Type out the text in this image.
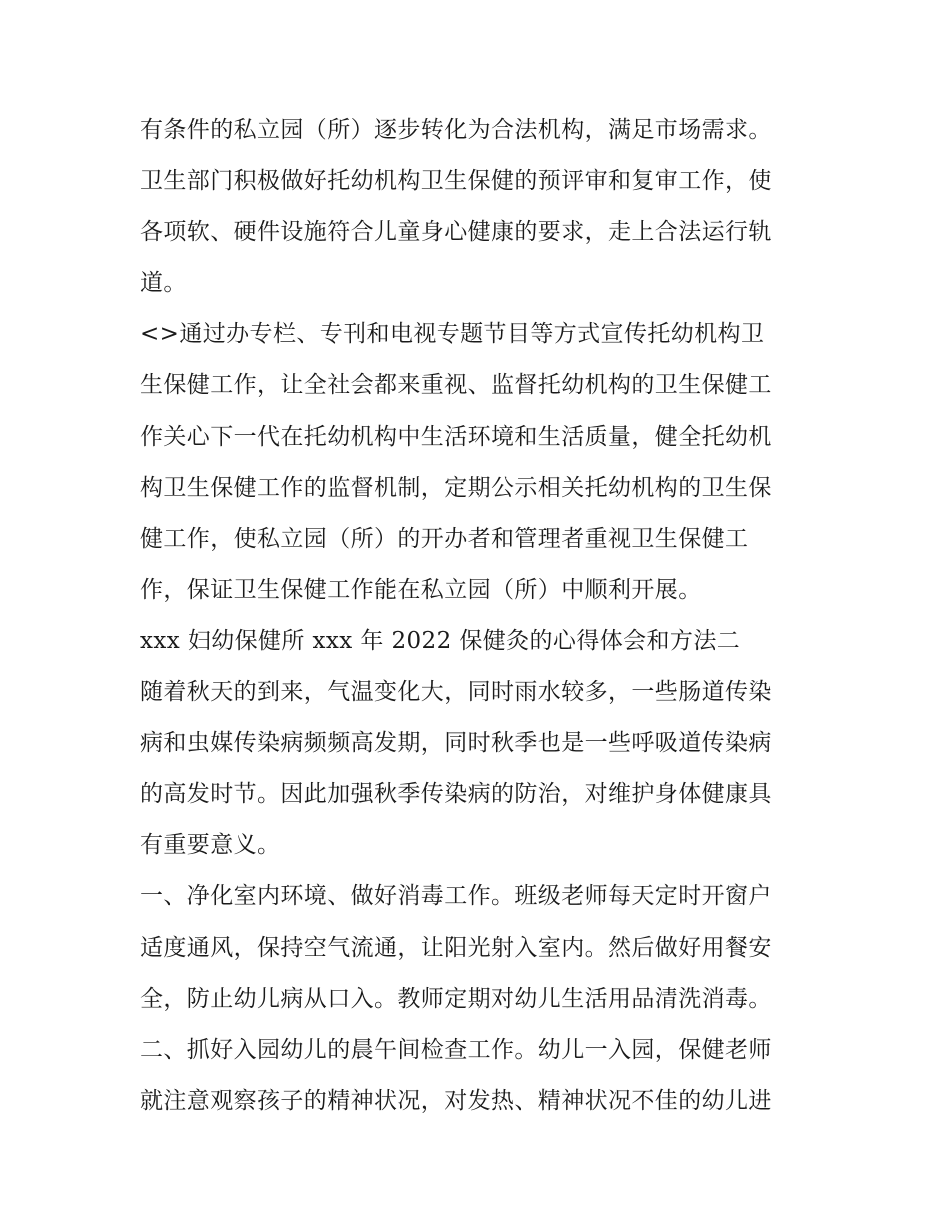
有条件的私立园（所）逐步转化为合法机构，满足市场需求。
卫生部门积极做好托幼机构卫生保健的预评审和复审工作，使
各项软、硬件设施符合儿童身心健康的要求，走上合法运行轨
道。
<>通过办专栏、专刊和电视专题节目等方式宣传托幼机构卫
生保健工作，让全社会都来重视、监督托幼机构的卫生保健工
作关心下一代在托幼机构中生活环境和生活质量，健全托幼机
构卫生保健工作的监督机制，定期公示相关托幼机构的卫生保
健工作，使私立园（所）的开办者和管理者重视卫生保健工
作，保证卫生保健工作能在私立园（所）中顺利开展。
xxx 妇幼保健所 xxx 年 2022 保健灸的心得体会和方法二
随着秋天的到来，气温变化大，同时雨水较多，一些肠道传染
病和虫媒传染病频频高发期，同时秋季也是一些呼吸道传染病
的高发时节。因此加强秋季传染病的防治，对维护身体健康具
有重要意义。
一、净化室内环境、做好消毒工作。班级老师每天定时开窗户
适度通风，保持空气流通，让阳光射入室内。然后做好用餐安
全，防止幼儿病从口入。教师定期对幼儿生活用品清洗消毒。
二、抓好入园幼儿的晨午间检查工作。幼儿一入园，保健老师
就注意观察孩子的精神状况，对发热、精神状况不佳的幼儿进
